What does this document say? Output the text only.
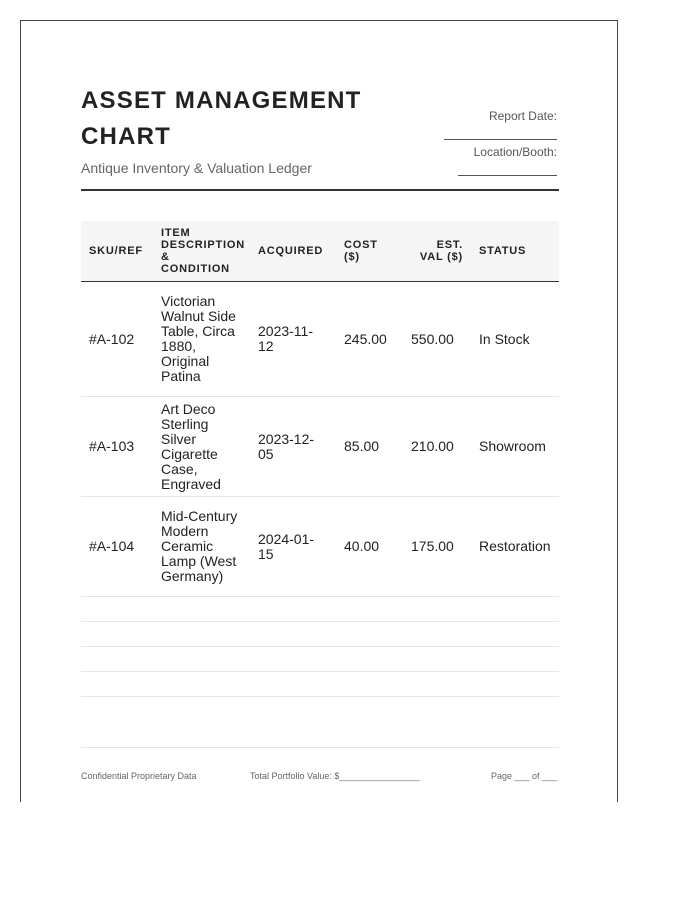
ASSET MANAGEMENT CHART
Antique Inventory & Valuation Ledger
Report Date:
Location/Booth:
SKU/REF	ITEM DESCRIPTION & CONDITION	ACQUIRED	COST ($)	EST. VAL ($)	STATUS
#A-102	Victorian Walnut Side Table, Circa 1880, Original Patina	2023-11-12	245.00	550.00	In Stock
#A-103	Art Deco Sterling Silver Cigarette Case, Engraved	2023-12-05	85.00	210.00	Showroom
#A-104	Mid-Century Modern Ceramic Lamp (West Germany)	2024-01-15	40.00	175.00	Restoration

Confidential Proprietary Data	Total Portfolio Value: $________________	Page ___ of ___
